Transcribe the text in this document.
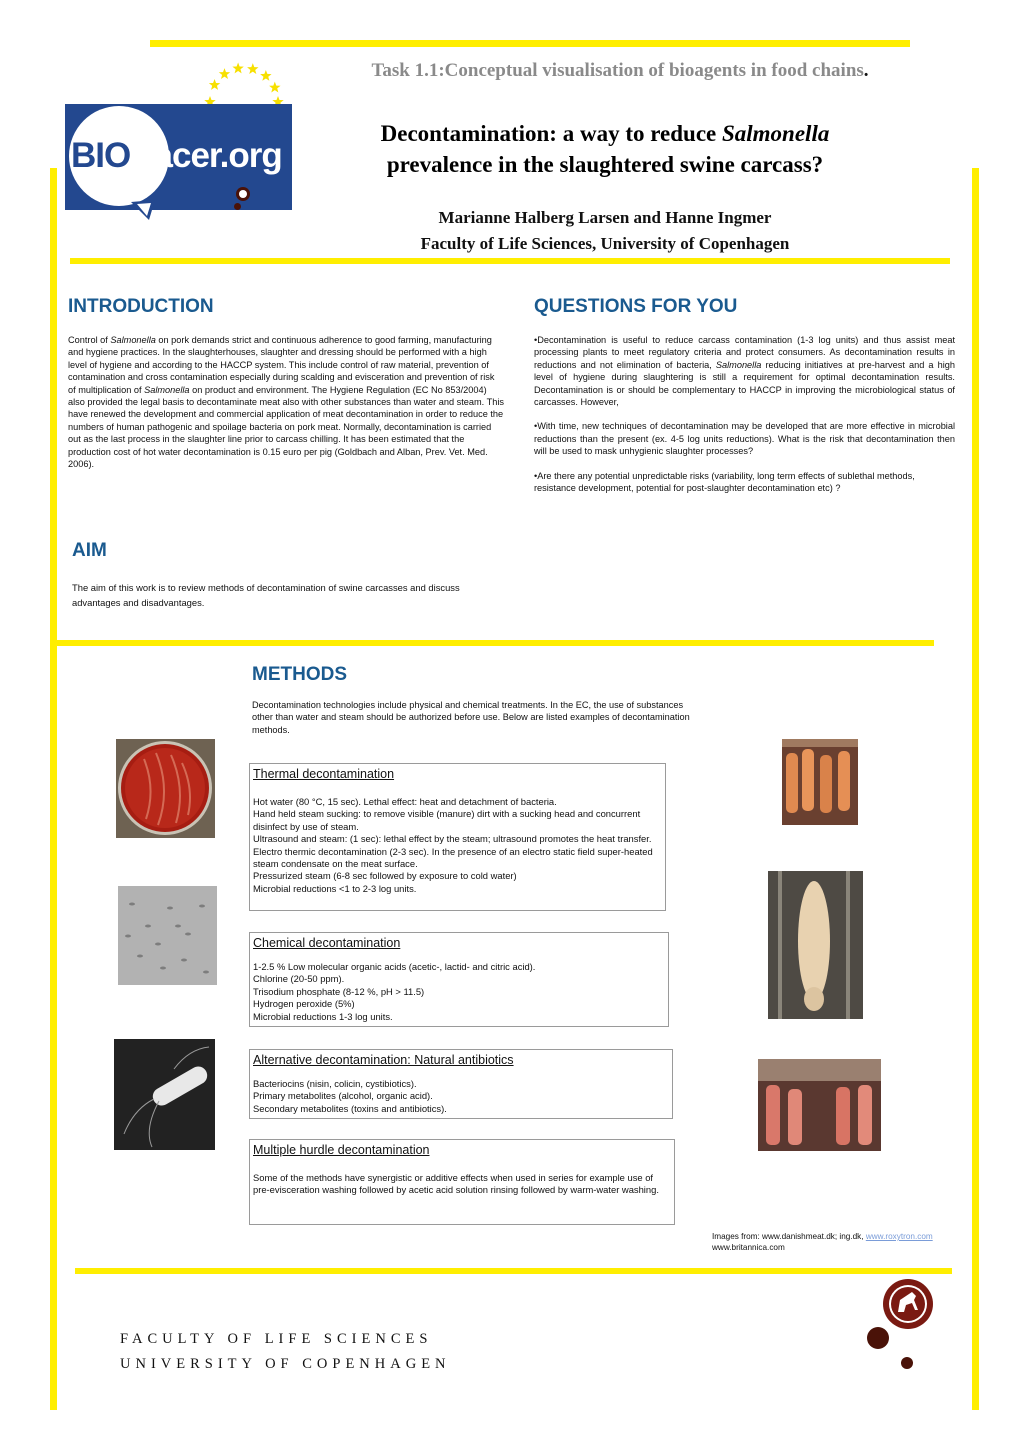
BIOtracer.org
Task 1.1:Conceptual visualisation of bioagents in food chains.
Decontamination: a way to reduce Salmonella
prevalence in the slaughtered swine carcass?
Marianne Halberg Larsen and Hanne Ingmer
Faculty of Life Sciences, University of Copenhagen
INTRODUCTION
Control of Salmonella on pork demands strict and continuous adherence to good farming, manufacturing and hygiene practices. In the slaughterhouses, slaughter and dressing should be performed with a high level of hygiene and according to the HACCP system. This include control of raw material, prevention of contamination and cross contamination especially during scalding and evisceration and prevention of risk of multiplication of Salmonella on product and environment. The Hygiene Regulation (EC No 853/2004) also provided the legal basis to decontaminate meat also with other substances than water and steam. This have renewed the development and commercial application of meat decontamination in order to reduce the numbers of human pathogenic and spoilage bacteria on pork meat. Normally, decontamination is carried out as the last process in the slaughter line prior to carcass chilling. It has been estimated that the production cost of hot water decontamination is 0.15 euro per pig (Goldbach and Alban, Prev. Vet. Med. 2006).
QUESTIONS FOR YOU

•Decontamination is useful to reduce carcass contamination (1-3 log units) and thus assist meat processing plants to meet regulatory criteria and protect consumers. As decontamination results in reductions and not elimination of bacteria, Salmonella reducing initiatives at pre-harvest and a high level of hygiene during slaughtering is still a requirement for optimal decontamination results. Decontamination is or should be complementary to HACCP in improving the microbiological status of carcasses. However,

•With time, new techniques of decontamination may be developed that are more effective in microbial reductions than the present (ex. 4-5 log units reductions). What is the risk that decontamination then will be used to mask unhygienic slaughter processes?

•Are there any potential unpredictable risks (variability, long term effects of sublethal methods, resistance development, potential for post-slaughter decontamination etc) ?

AIM
The aim of this work is to review methods of decontamination of swine carcasses and discuss advantages and disadvantages.
METHODS
Decontamination technologies include physical and chemical treatments. In the EC, the use of substances other than water and steam should be authorized before use. Below are listed examples of decontamination methods.
Thermal decontamination
Hot water (80 °C, 15 sec). Lethal effect: heat and detachment of bacteria.
Hand held steam sucking: to remove visible (manure) dirt with a sucking head and concurrent disinfect by use of steam.
Ultrasound and steam: (1 sec): lethal effect by the steam; ultrasound promotes the heat transfer.
Electro thermic decontamination (2-3 sec). In the presence of an electro static field super-heated steam condensate on the meat surface.
Pressurized steam (6-8 sec followed by exposure to cold water)
Microbial reductions <1 to 2-3 log units.
Chemical decontamination
1-2.5 % Low molecular organic acids (acetic-, lactid- and citric acid).
Chlorine (20-50 ppm).
Trisodium phosphate (8-12 %, pH > 11.5)
Hydrogen peroxide (5%)
Microbial reductions 1-3 log units.
Alternative decontamination: Natural antibiotics
Bacteriocins (nisin, colicin, cystibiotics).
Primary metabolites (alcohol, organic acid).
Secondary metabolites (toxins and antibiotics).
Multiple hurdle decontamination
Some of the methods have synergistic or additive effects when used in series for example use of pre-evisceration washing followed by acetic acid solution rinsing followed by warm-water washing.
Images from: www.danishmeat.dk; ing.dk, www.roxytron.com
www.britannica.com
FACULTY OF LIFE SCIENCES
UNIVERSITY OF COPENHAGEN
